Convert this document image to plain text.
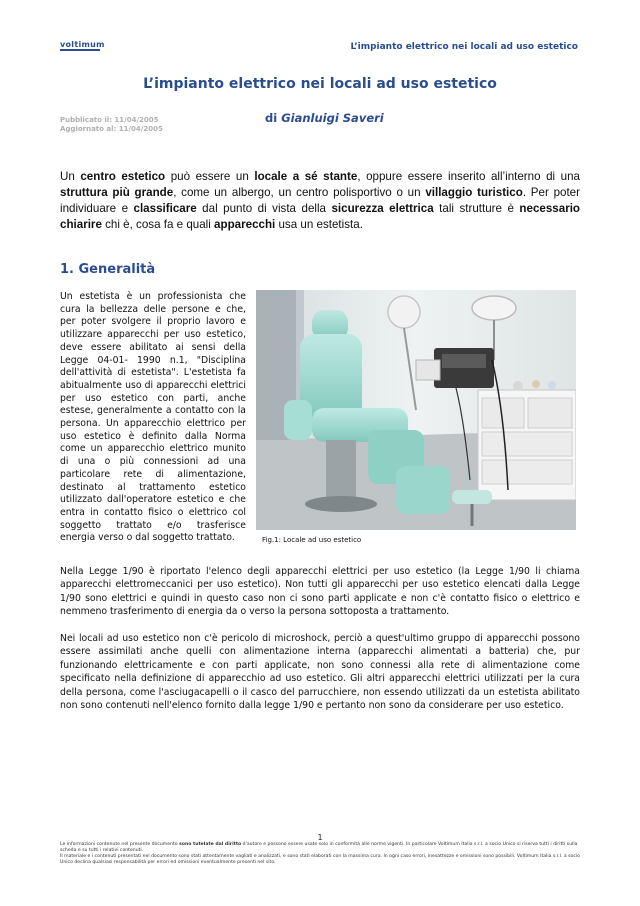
voltimum	L’impianto elettrico nei locali ad uso estetico
L’impianto elettrico nei locali ad uso estetico
Pubblicato il: 11/04/2005
Aggiornato al: 11/04/2005
di Gianluigi Saveri
Un centro estetico può essere un locale a sé stante, oppure essere inserito all’interno di una struttura più grande, come un albergo, un centro polisportivo o un villaggio turistico. Per poter individuare e classificare dal punto di vista della sicurezza elettrica tali strutture è necessario chiarire chi è, cosa fa e quali apparecchi usa un estetista.
1. Generalità
Un estetista è un professionista che cura la bellezza delle persone e che, per poter svolgere il proprio lavoro e utilizzare apparecchi per uso estetico, deve essere abilitato ai sensi della Legge 04-01- 1990 n.1, "Disciplina dell'attività di estetista". L'estetista fa abitualmente uso di apparecchi elettrici per uso estetico con parti, anche estese, generalmente a contatto con la persona. Un apparecchio elettrico per uso estetico è definito dalla Norma come un apparecchio elettrico munito di una o più connessioni ad una particolare rete di alimentazione, destinato al trattamento estetico utilizzato dall'operatore estetico e che entra in contatto fisico o elettrico col soggetto trattato e/o trasferisce energia verso o dal soggetto trattato.	Fig.1: Locale ad uso estetico
Nella Legge 1/90 è riportato l'elenco degli apparecchi elettrici per uso estetico (la Legge 1/90 li chiama apparecchi elettromeccanici per uso estetico). Non tutti gli apparecchi per uso estetico elencati dalla Legge 1/90 sono elettrici e quindi in questo caso non ci sono parti applicate e non c'è contatto fisico o elettrico e nemmeno trasferimento di energia da o verso la persona sottoposta a trattamento.
Nei locali ad uso estetico non c'è pericolo di microshock, perciò a quest'ultimo gruppo di apparecchi possono essere assimilati anche quelli con alimentazione interna (apparecchi alimentati a batteria) che, pur funzionando elettricamente e con parti applicate, non sono connessi alla rete di alimentazione come specificato nella definizione di apparecchio ad uso estetico. Gli altri apparecchi elettrici utilizzati per la cura della persona, come l'asciugacapelli o il casco del parrucchiere, non essendo utilizzati da un estetista abilitato non sono contenuti nell'elenco fornito dalla legge 1/90 e pertanto non sono da considerare per uso estetico.
1
Le informazioni contenute nel presente documento sono tutelate dal diritto d'autore e possono essere usate solo in conformità alle norme vigenti. In particolare Voltimum Italia s.r.l. a socio Unico si riserva tutti i diritti sulla scheda e su tutti i relativi contenuti.
Il materiale e i contenuti presentati nel documento sono stati attentamente vagliati e analizzati, e sono stati elaborati con la massima cura. In ogni caso errori, inesattezze e omissioni sono possibili. Voltimum Italia s.r.l. a socio Unico declina qualsiasi responsabilità per errori ed omissioni eventualmente presenti nel sito.
